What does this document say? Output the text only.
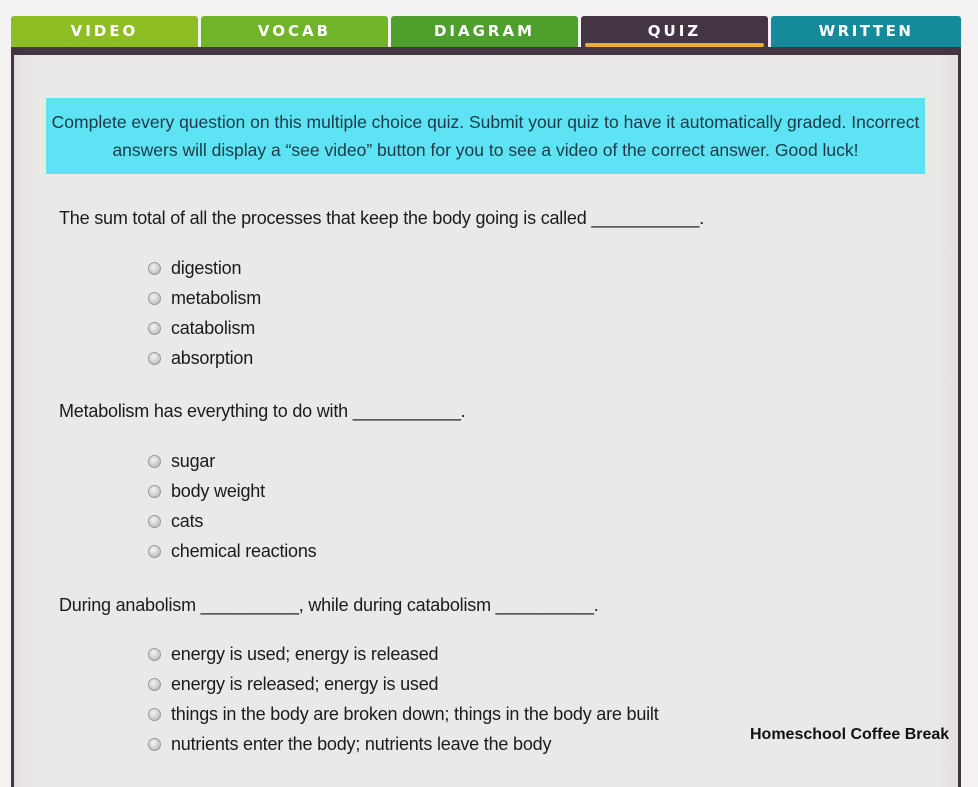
VIDEO	VOCAB	DIAGRAM	QUIZ	WRITTEN
Complete every question on this multiple choice quiz. Submit your quiz to have it automatically graded. Incorrect answers will display a “see video” button for you to see a video of the correct answer. Good luck!
The sum total of all the processes that keep the body going is called ___________.
digestion
metabolism
catabolism
absorption
Metabolism has everything to do with ___________.
sugar
body weight
cats
chemical reactions
During anabolism __________, while during catabolism __________.
energy is used; energy is released
energy is released; energy is used
things in the body are broken down; things in the body are built
nutrients enter the body; nutrients leave the body	Homeschool Coffee Break
